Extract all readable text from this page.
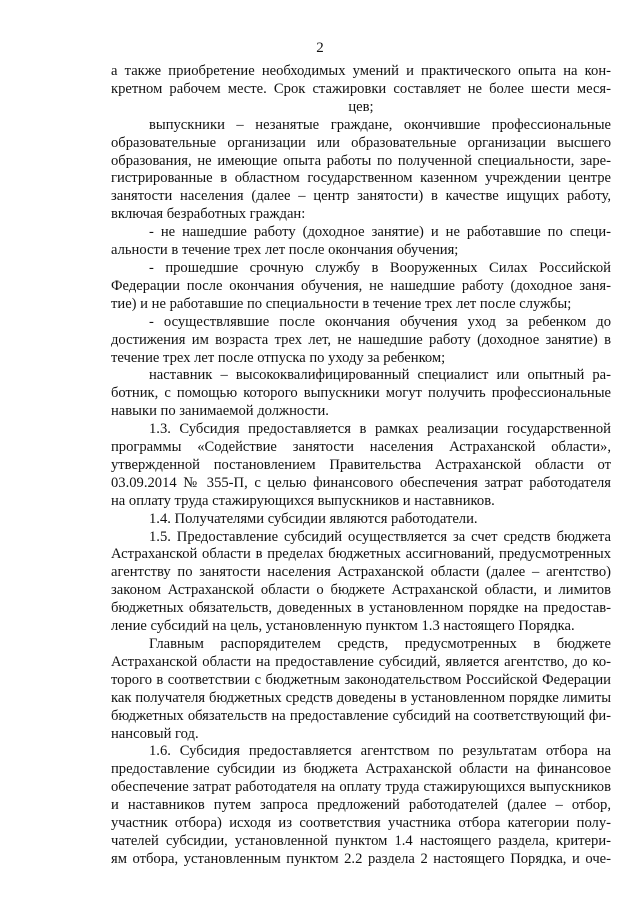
2
а также приобретение необходимых умений и практического опыта на кон-
кретном рабочем месте. Срок стажировки составляет не более шести меся-
цев;
выпускники – незанятые граждане, окончившие профессиональные
образовательные организации или образовательные организации высшего
образования, не имеющие опыта работы по полученной специальности, заре-
гистрированные в областном государственном казенном учреждении центре
занятости населения (далее – центр занятости) в качестве ищущих работу,
включая безработных граждан:
- не нашедшие работу (доходное занятие) и не работавшие по специ-
альности в течение трех лет после окончания обучения;
- прошедшие срочную службу в Вооруженных Силах Российской
Федерации после окончания обучения, не нашедшие работу (доходное заня-
тие) и не работавшие по специальности в течение трех лет после службы;
- осуществлявшие после окончания обучения уход за ребенком до
достижения им возраста трех лет, не нашедшие работу (доходное занятие) в
течение трех лет после отпуска по уходу за ребенком;
наставник – высококвалифицированный специалист или опытный ра-
ботник, с помощью которого выпускники могут получить профессиональные
навыки по занимаемой должности.
1.3. Субсидия предоставляется в рамках реализации государственной
программы «Содействие занятости населения Астраханской области»,
утвержденной постановлением Правительства Астраханской области от
03.09.2014 № 355-П, с целью финансового обеспечения затрат работодателя
на оплату труда стажирующихся выпускников и наставников.
1.4. Получателями субсидии являются работодатели.
1.5. Предоставление субсидий осуществляется за счет средств бюджета
Астраханской области в пределах бюджетных ассигнований, предусмотренных
агентству по занятости населения Астраханской области (далее – агентство)
законом Астраханской области о бюджете Астраханской области, и лимитов
бюджетных обязательств, доведенных в установленном порядке на предостав-
ление субсидий на цель, установленную пунктом 1.3 настоящего Порядка.
Главным распорядителем средств, предусмотренных в бюджете
Астраханской области на предоставление субсидий, является агентство, до ко-
торого в соответствии с бюджетным законодательством Российской Федерации
как получателя бюджетных средств доведены в установленном порядке лимиты
бюджетных обязательств на предоставление субсидий на соответствующий фи-
нансовый год.
1.6. Субсидия предоставляется агентством по результатам отбора на
предоставление субсидии из бюджета Астраханской области на финансовое
обеспечение затрат работодателя на оплату труда стажирующихся выпускников
и наставников путем запроса предложений работодателей (далее – отбор,
участник отбора) исходя из соответствия участника отбора категории полу-
чателей субсидии, установленной пунктом 1.4 настоящего раздела, критери-
ям отбора, установленным пунктом 2.2 раздела 2 настоящего Порядка, и оче-
